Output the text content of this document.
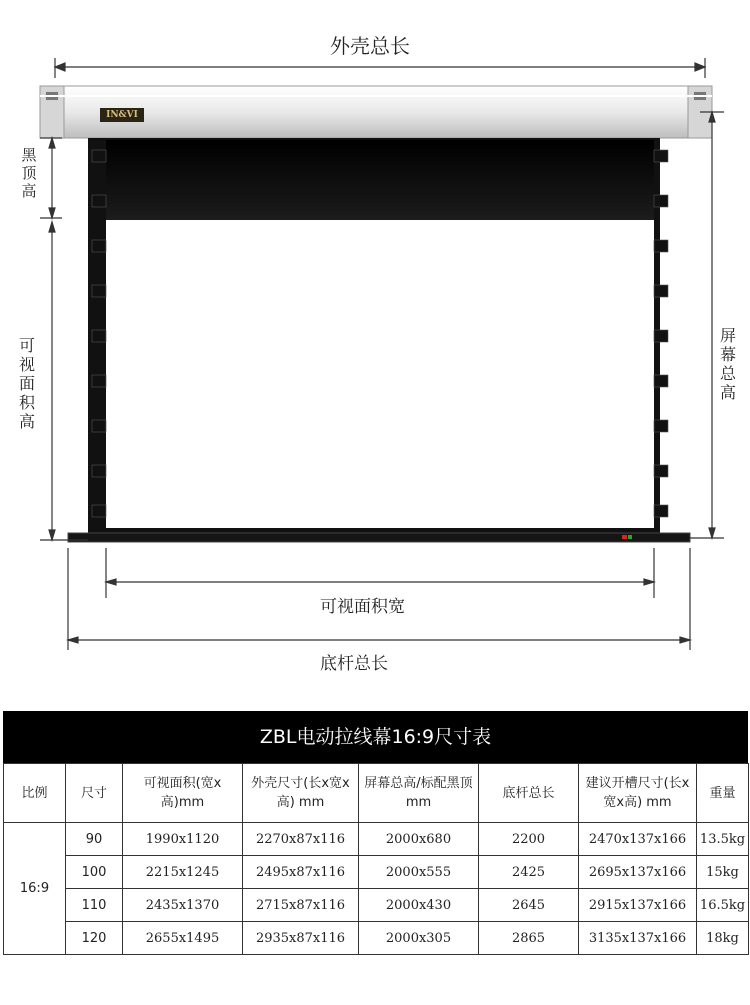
外壳总长
IN&VI
黑顶高
可视面积高
屏幕总高
可视面积宽
底杆总长
ZBL电动拉线幕16:9尺寸表
比例	尺寸	可视面积(宽x高)mm	外壳尺寸(长x宽x高) mm	屏幕总高/标配黑顶 mm	底杆总长	建议开槽尺寸(长x宽x高) mm	重量
16:9	90	1990x1120	2270x87x116	2000x680	2200	2470x137x166	13.5kg
	100	2215x1245	2495x87x116	2000x555	2425	2695x137x166	15kg
	110	2435x1370	2715x87x116	2000x430	2645	2915x137x166	16.5kg
	120	2655x1495	2935x87x116	2000x305	2865	3135x137x166	18kg
